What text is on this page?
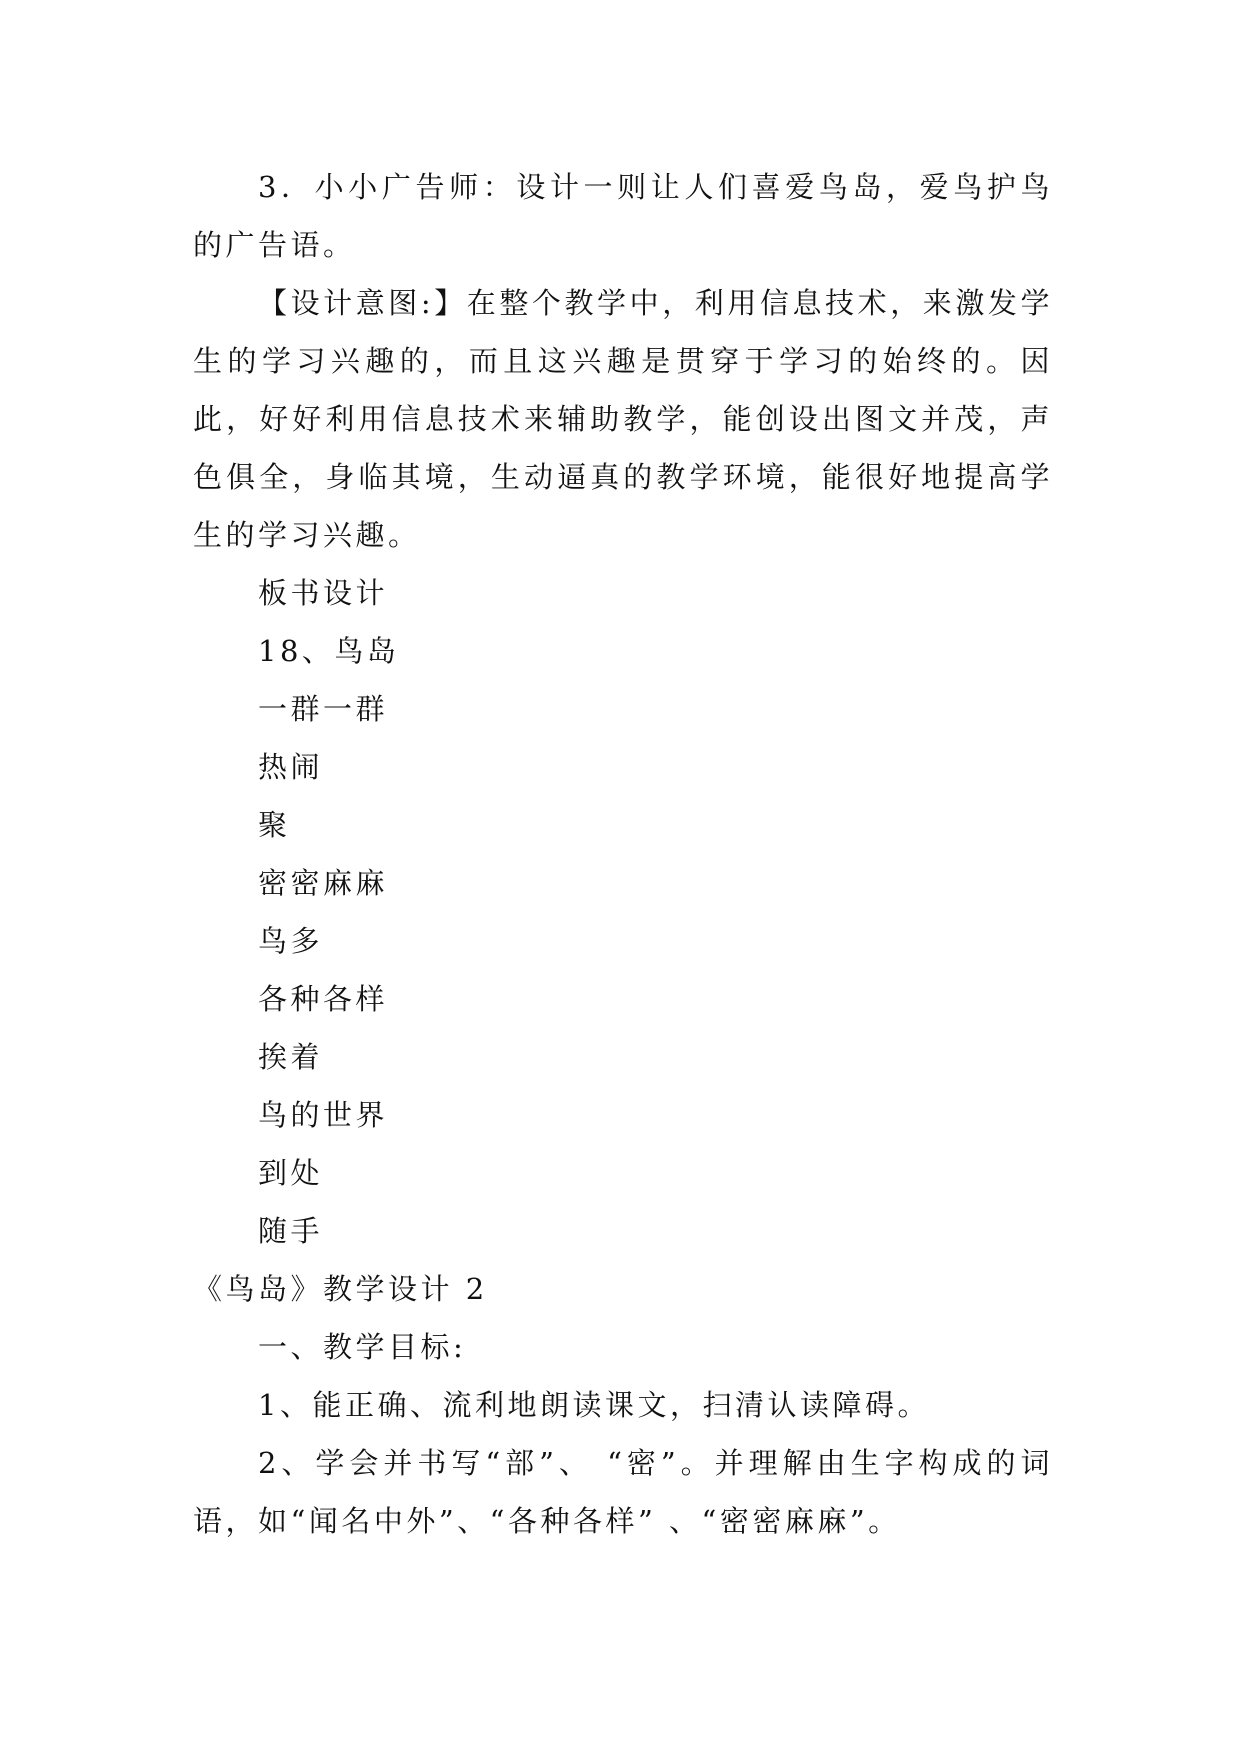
3．小小广告师：设计一则让人们喜爱鸟岛，爱鸟护鸟的广告语。

【设计意图:】在整个教学中，利用信息技术，来激发学生的学习兴趣的，而且这兴趣是贯穿于学习的始终的。因此，好好利用信息技术来辅助教学，能创设出图文并茂，声色俱全，身临其境，生动逼真的教学环境，能很好地提高学生的学习兴趣。

板书设计

18、鸟岛

一群一群

热闹

聚

密密麻麻

鸟多

各种各样

挨着

鸟的世界

到处

随手

《鸟岛》教学设计 2

一、教学目标:

1、能正确、流利地朗读课文，扫清认读障碍。

2、学会并书写“部”、 “密”。并理解由生字构成的词语，如“闻名中外”、“各种各样” 、“密密麻麻”。
